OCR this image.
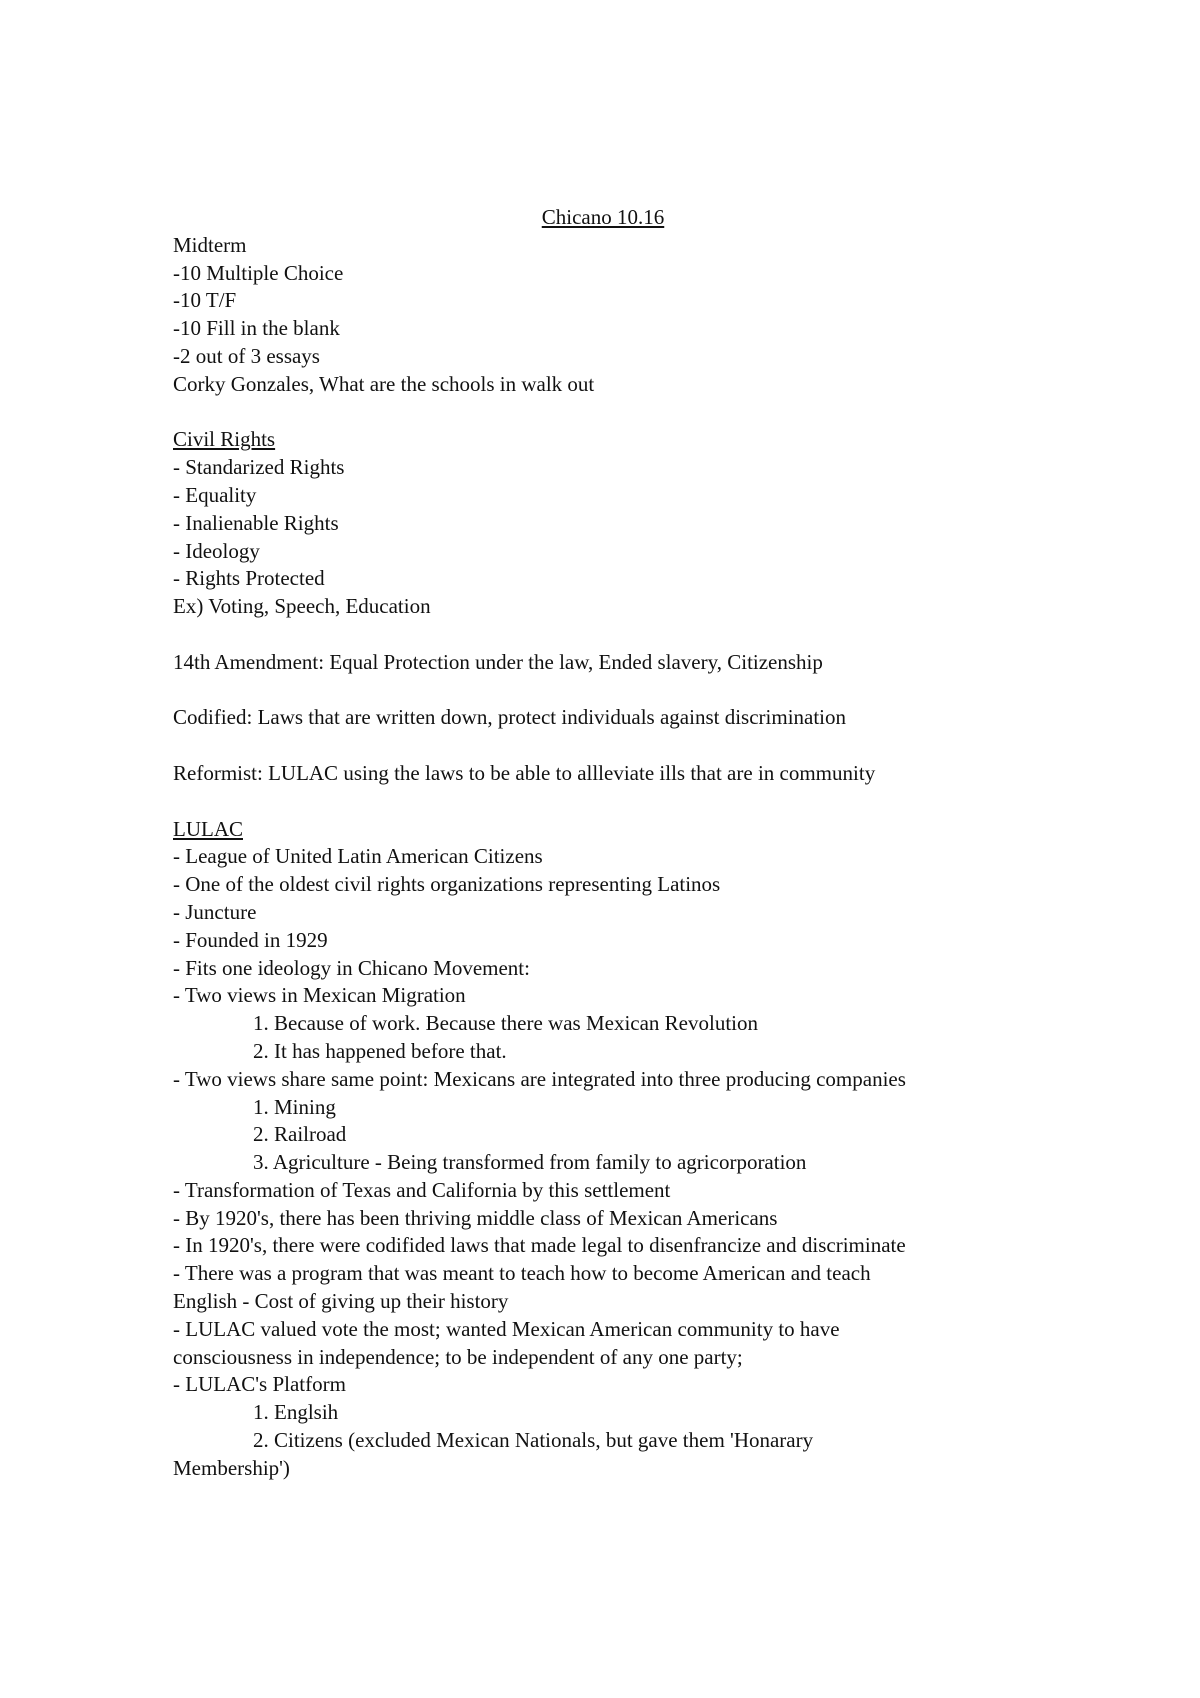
Chicano 10.16
Midterm
-10 Multiple Choice
-10 T/F
-10 Fill in the blank
-2 out of 3 essays
Corky Gonzales, What are the schools in walk out
Civil Rights
- Standarized Rights
- Equality
- Inalienable Rights
- Ideology
- Rights Protected
Ex) Voting, Speech, Education
14th Amendment: Equal Protection under the law, Ended slavery, Citizenship
Codified: Laws that are written down, protect individuals against discrimination
Reformist: LULAC using the laws to be able to allleviate ills that are in community
LULAC
- League of United Latin American Citizens
- One of the oldest civil rights organizations representing Latinos
- Juncture
- Founded in 1929
- Fits one ideology in Chicano Movement:
- Two views in Mexican Migration
1. Because of work. Because there was Mexican Revolution
2. It has happened before that.
- Two views share same point: Mexicans are integrated into three producing companies
1. Mining
2. Railroad
3. Agriculture - Being transformed from family to agricorporation
- Transformation of Texas and California by this settlement
- By 1920's, there has been thriving middle class of Mexican Americans
- In 1920's, there were codifided laws that made legal to disenfrancize and discriminate
- There was a program that was meant to teach how to become American and teach
English - Cost of giving up their history
- LULAC valued vote the most; wanted Mexican American community to have
consciousness in independence; to be independent of any one party;
- LULAC's Platform
1. Englsih
2. Citizens (excluded Mexican Nationals, but gave them 'Honarary
Membership')
